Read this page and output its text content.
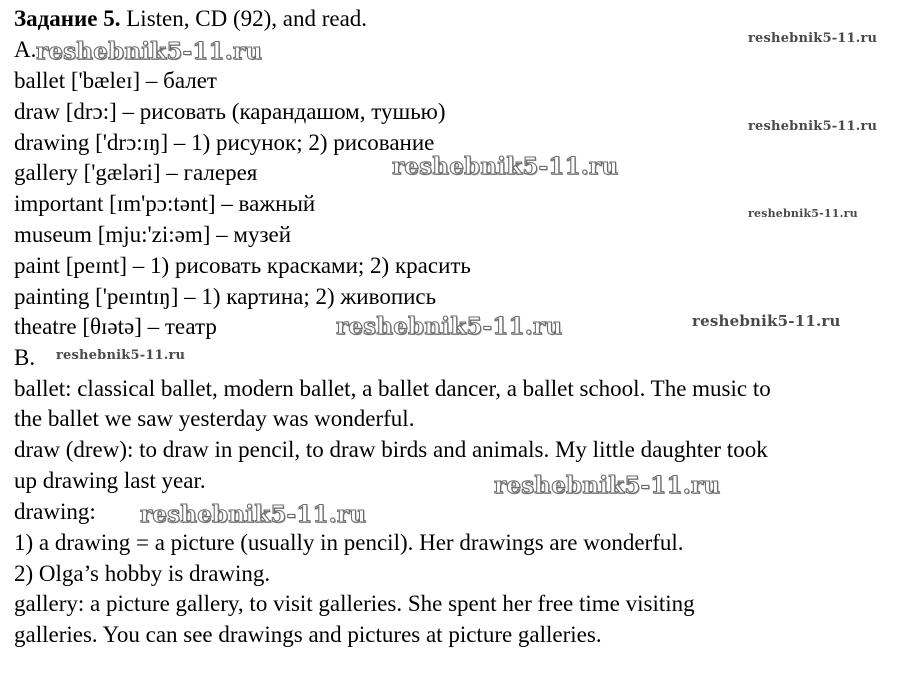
Задание 5. Listen, CD (92), and read.
A.
ballet ['bæleɪ] – балет
draw [drɔ:] – рисовать (карандашом, тушью)
drawing ['drɔ:ɪŋ] – 1) рисунок; 2) рисование
gallery ['gæləri] – галерея
important [ɪm'pɔ:tənt] – важный
museum [mju:'zi:əm] – музей
paint [peɪnt] – 1) рисовать красками; 2) красить
painting ['peɪntɪŋ] – 1) картина; 2) живопись
theatre [θɪətə] – театр
B.
ballet: classical ballet, modern ballet, a ballet dancer, a ballet school. The music to
the ballet we saw yesterday was wonderful.
draw (drew): to draw in pencil, to draw birds and animals. My little daughter took
up drawing last year.
drawing:
1) a drawing = a picture (usually in pencil). Her drawings are wonderful.
2) Olga’s hobby is drawing.
gallery: a picture gallery, to visit galleries. She spent her free time visiting
galleries. You can see drawings and pictures at picture galleries.
reshebnik5-11.ru	reshebnik5-11.ru
reshebnik5-11.ru
reshebnik5-11.ru
reshebnik5-11.ru
reshebnik5-11.ru	reshebnik5-11.ru
reshebnik5-11.ru
reshebnik5-11.ru
reshebnik5-11.ru
